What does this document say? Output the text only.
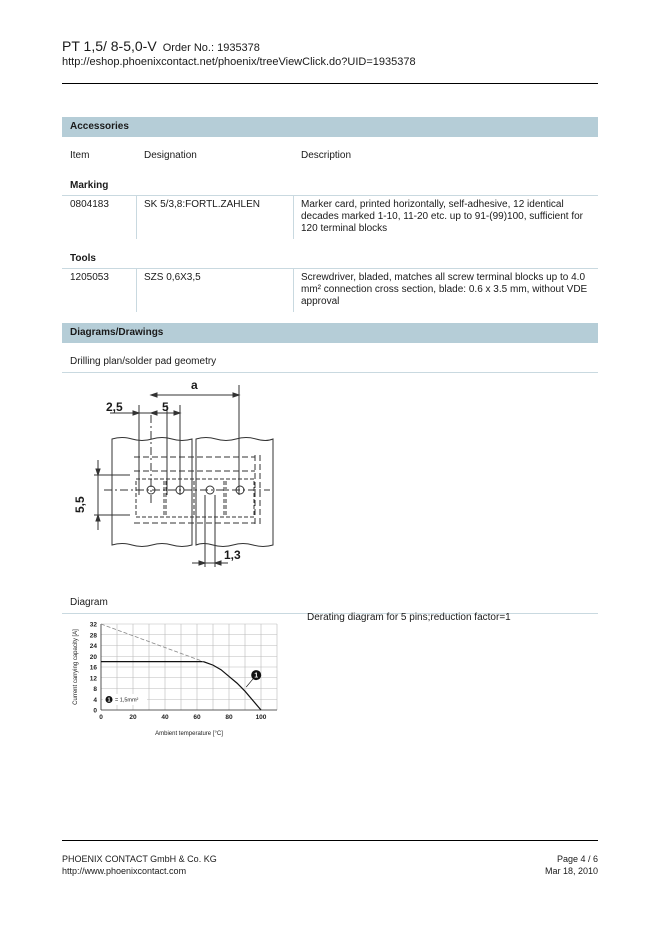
PT 1,5/ 8-5,0-V Order No.: 1935378
http://eshop.phoenixcontact.net/phoenix/treeViewClick.do?UID=1935378
Accessories
Item	Designation	Description
Marking
0804183	SK 5/3,8:FORTL.ZAHLEN	Marker card, printed horizontally, self-adhesive, 12 identical
decades marked 1-10, 11-20 etc. up to 91-(99)100, sufficient for
120 terminal blocks
Tools
1205053	SZS 0,6X3,5	Screwdriver, bladed, matches all screw terminal blocks up to 4.0
mm² connection cross section, blade: 0.6 x 3.5 mm, without VDE
approval
Diagrams/Drawings
Drilling plan/solder pad geometry
a
2,5	5
5,5
1,3
Diagram
Derating diagram for 5 pins;reduction factor=1
0
4
8
12
16
20
24
28
32
0	20	40	60	80	100
Ambient temperature [°C]
Current carrying capacity [A]	1
1 = 1,5mm²
PHOENIX CONTACT GmbH & Co. KG
http://www.phoenixcontact.com
Page 4 / 6
Mar 18, 2010
